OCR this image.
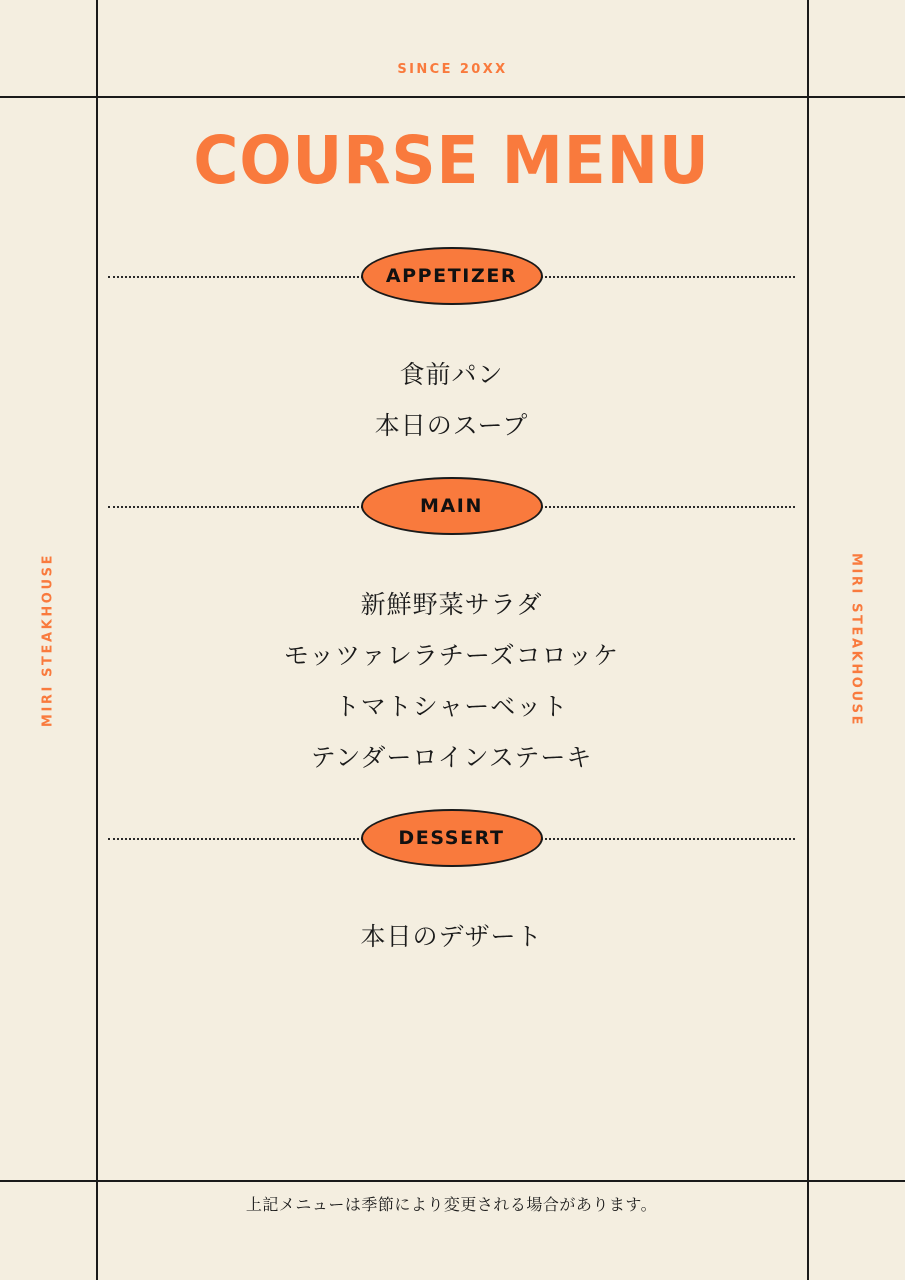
SINCE 20XX
MIRI STEAKHOUSE	MIRI STEAKHOUSE
COURSE MENU
APPETIZER
食前パン
本日のスープ
MAIN
新鮮野菜サラダ
モッツァレラチーズコロッケ
トマトシャーベット
テンダーロインステーキ
DESSERT
本日のデザート
上記メニューは季節により変更される場合があります。
